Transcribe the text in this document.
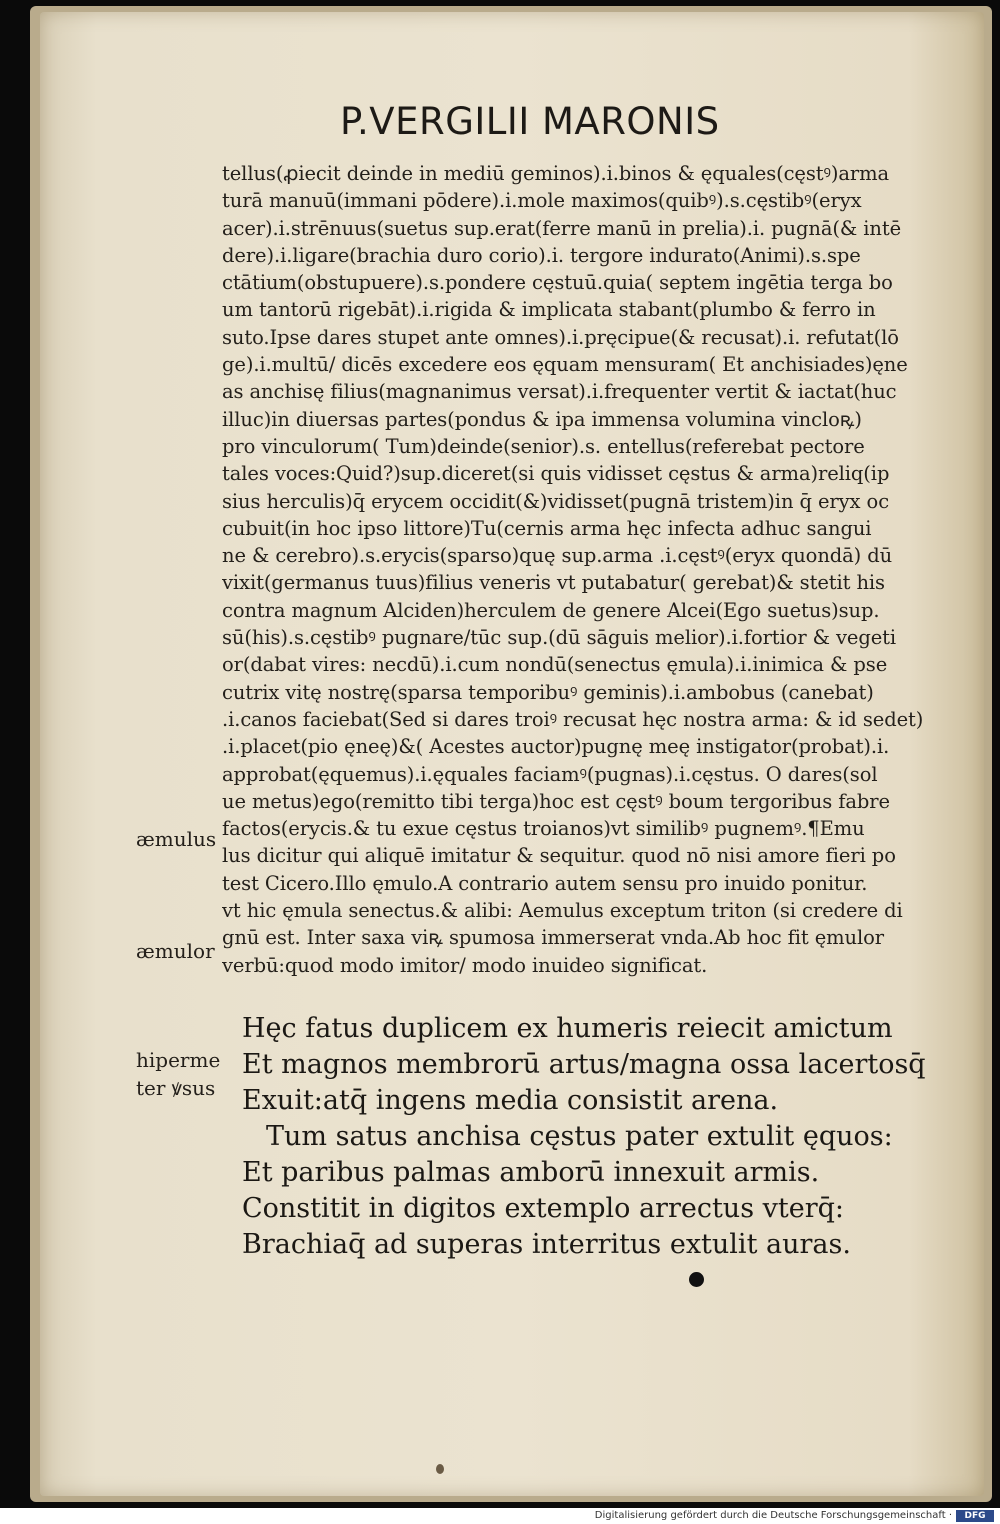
P.VERGILII MARONIS
tellus(ꝓiecit deinde in mediū geminos).i.binos & ęquales(cęstꝰ)arma
turā manuū(immani pōdere).i.mole maximos(quibꝰ).s.cęstibꝰ(eryx
acer).i.strēnuus(suetus sup.erat(ferre manū in prelia).i. pugnā(& intē
dere).i.ligare(brachia duro corio).i. tergore indurato(Animi).s.spe
ctātium(obstupuere).s.pondere cęstuū.quia( septem ingētia terga bo
um tantorū rigebāt).i.rigida & implicata stabant(plumbo & ferro in
suto.Ipse dares stupet ante omnes).i.pręcipue(& recusat).i. refutat(lō
ge).i.multū/ dicēs excedere eos ęquam mensuram( Et anchisiades)ęne
as anchisę filius(magnanimus versat).i.frequenter vertit & iactat(huc
illuc)in diuersas partes(pondus & ipa immensa volumina vincloꝶ)
pro vinculorum( Tum)deinde(senior).s. entellus(referebat pectore
tales voces:Quid?)sup.diceret(si quis vidisset cęstus & arma)reliq(ip
sius herculis)q̄ erycem occidit(&)vidisset(pugnā tristem)in q̄ eryx oc
cubuit(in hoc ipso littore)Tu(cernis arma hęc infecta adhuc sangui
ne & cerebro).s.erycis(sparso)quę sup.arma .i.cęstꝰ(eryx quondā) dū
vixit(germanus tuus)filius veneris vt putabatur( gerebat)& stetit his
contra magnum Alciden)herculem de genere Alcei(Ego suetus)sup.
sū(his).s.cęstibꝰ pugnare/tūc sup.(dū sāguis melior).i.fortior & vegeti
or(dabat vires: necdū).i.cum nondū(senectus ęmula).i.inimica & pse
cutrix vitę nostrę(sparsa temporibuꝰ geminis).i.ambobus (canebat)
.i.canos faciebat(Sed si dares troiꝰ recusat hęc nostra arma: & id sedet)
.i.placet(pio ęneę)&( Acestes auctor)pugnę meę instigator(probat).i.
approbat(ęquemus).i.ęquales faciamꝰ(pugnas).i.cęstus. O dares(sol
ue metus)ego(remitto tibi terga)hoc est cęstꝰ boum tergoribus fabre
factos(erycis.& tu exue cęstus troianos)vt similibꝰ pugnemꝰ.¶Emu
lus dicitur qui aliquē imitatur & sequitur. quod nō nisi amore fieri po
test Cicero.Illo ęmulo.A contrario autem sensu pro inuido ponitur.
vt hic ęmula senectus.& alibi: Aemulus exceptum triton (si credere di
gnū est. Inter saxa viꝶ spumosa immerserat vnda.Ab hoc fit ęmulor
verbū:quod modo imitor/ modo inuideo significat.
æmulus
æmulor
hiperme
ter ꝟsus
Hęc fatus duplicem ex humeris reiecit amictum
Et magnos membrorū artus/magna ossa lacertosq̄
Exuit:atq̄ ingens media consistit arena.
Tum satus anchisa cęstus pater extulit ęquos:
Et paribus palmas amborū innexuit armis.
Constitit in digitos extemplo arrectus vterq̄:
Brachiaq̄ ad superas interritus extulit auras.
Digitalisierung gefördert durch die Deutsche Forschungsgemeinschaft ·	DFG
